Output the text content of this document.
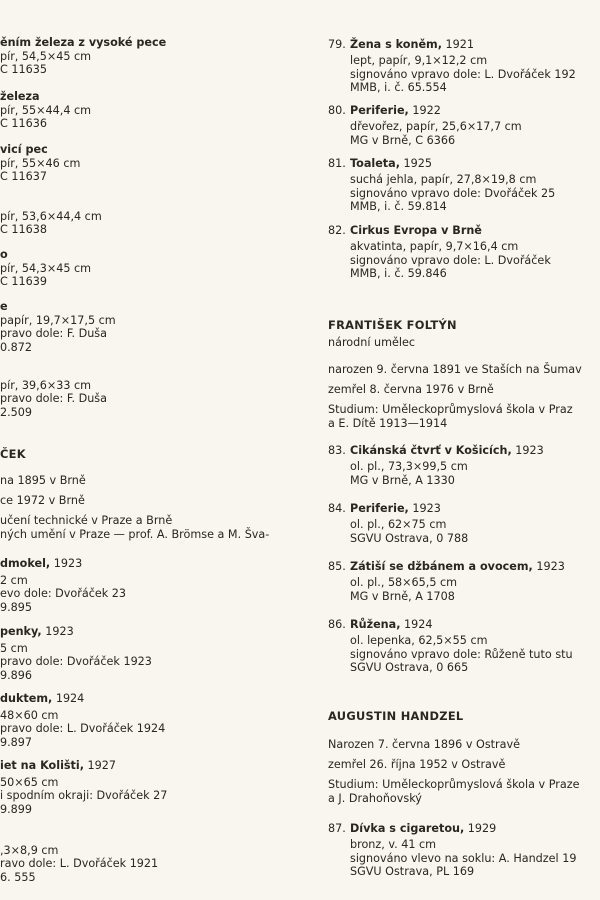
ěním železa z vysoké pece
pír, 54,5×45 cm
C 11635
železa
pír, 55×44,4 cm
C 11636
vicí pec
pír, 55×46 cm
C 11637
pír, 53,6×44,4 cm
C 11638
o
pír, 54,3×45 cm
C 11639
e
papír, 19,7×17,5 cm
pravo dole: F. Duša
0.872
pír, 39,6×33 cm
pravo dole: F. Duša
2.509
ČEK
na 1895 v Brně
ce 1972 v Brně
učení technické v Praze a Brně
ných umění v Praze — prof. A. Brömse a M. Šva-
dmokel, 1923
2 cm
evo dole: Dvořáček 23
9.895
penky, 1923
5 cm
pravo dole: Dvořáček 1923
9.896
duktem, 1924
48×60 cm
pravo dole: L. Dvořáček 1924
9.897
iet na Kolišti, 1927
50×65 cm
i spodním okraji: Dvořáček 27
9.899
,3×8,9 cm
ravo dole: L. Dvořáček 1921
6. 555
79. Žena s koněm, 1921
lept, papír, 9,1×12,2 cm
signováno vpravo dole: L. Dvořáček 192
MMB, i. č. 65.554
80. Periferie, 1922
dřevořez, papír, 25,6×17,7 cm
MG v Brně, C 6366
81. Toaleta, 1925
suchá jehla, papír, 27,8×19,8 cm
signováno vpravo dole: Dvořáček 25
MMB, i. č. 59.814
82. Cirkus Evropa v Brně
akvatinta, papír, 9,7×16,4 cm
signováno vpravo dole: L. Dvořáček
MMB, i. č. 59.846
FRANTIŠEK FOLTÝN
národní umělec
narozen 9. června 1891 ve Staších na Šumav
zemřel 8. června 1976 v Brně
Studium: Uměleckoprůmyslová škola v Praz
a E. Dítě 1913—1914
83. Cikánská čtvrť v Košicích, 1923
ol. pl., 73,3×99,5 cm
MG v Brně, A 1330
84. Periferie, 1923
ol. pl., 62×75 cm
SGVU Ostrava, 0 788
85. Zátiší se džbánem a ovocem, 1923
ol. pl., 58×65,5 cm
MG v Brně, A 1708
86. Růžena, 1924
ol. lepenka, 62,5×55 cm
signováno vpravo dole: Růženě tuto stu
SGVU Ostrava, 0 665
AUGUSTIN HANDZEL
Narozen 7. června 1896 v Ostravě
zemřel 26. října 1952 v Ostravě
Studium: Uměleckoprůmyslová škola v Praze
a J. Drahoňovský
87. Dívka s cigaretou, 1929
bronz, v. 41 cm
signováno vlevo na soklu: A. Handzel 19
SGVU Ostrava, PL 169
